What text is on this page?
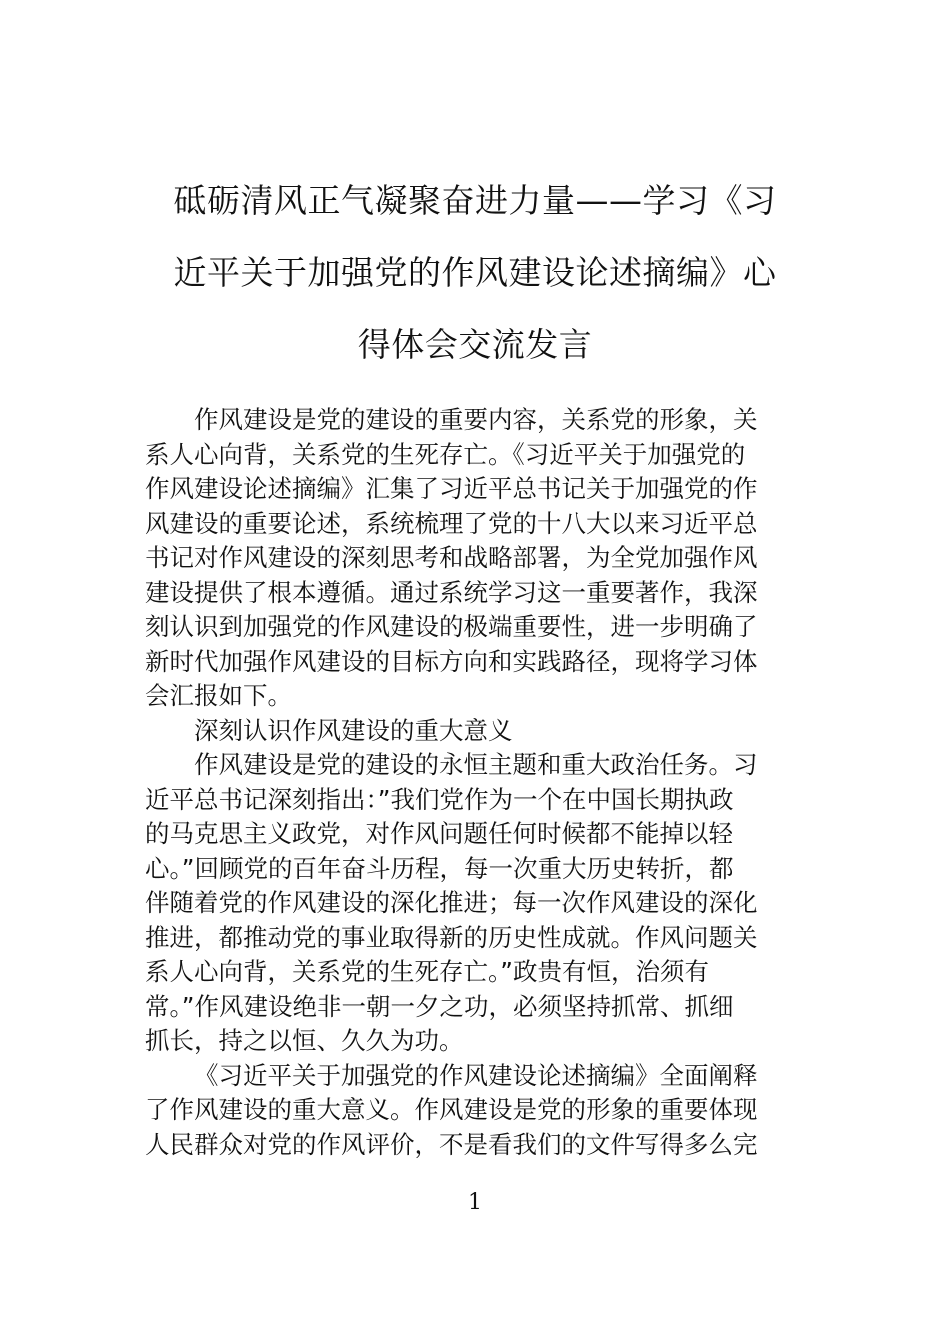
砥砺清风正气凝聚奋进力量——学习《习
近平关于加强党的作风建设论述摘编》心
得体会交流发言
作风建设是党的建设的重要内容，关系党的形象，关
系人心向背，关系党的生死存亡。《习近平关于加强党的
作风建设论述摘编》汇集了习近平总书记关于加强党的作
风建设的重要论述，系统梳理了党的十八大以来习近平总
书记对作风建设的深刻思考和战略部署，为全党加强作风
建设提供了根本遵循。通过系统学习这一重要著作，我深
刻认识到加强党的作风建设的极端重要性，进一步明确了
新时代加强作风建设的目标方向和实践路径，现将学习体
会汇报如下。
深刻认识作风建设的重大意义
作风建设是党的建设的永恒主题和重大政治任务。习
近平总书记深刻指出：”我们党作为一个在中国长期执政
的马克思主义政党，对作风问题任何时候都不能掉以轻
心。”回顾党的百年奋斗历程，每一次重大历史转折，都
伴随着党的作风建设的深化推进；每一次作风建设的深化
推进，都推动党的事业取得新的历史性成就。作风问题关
系人心向背，关系党的生死存亡。”政贵有恒，治须有
常。”作风建设绝非一朝一夕之功，必须坚持抓常、抓细
抓长，持之以恒、久久为功。
《习近平关于加强党的作风建设论述摘编》全面阐释
了作风建设的重大意义。作风建设是党的形象的重要体现
人民群众对党的作风评价，不是看我们的文件写得多么完
1
